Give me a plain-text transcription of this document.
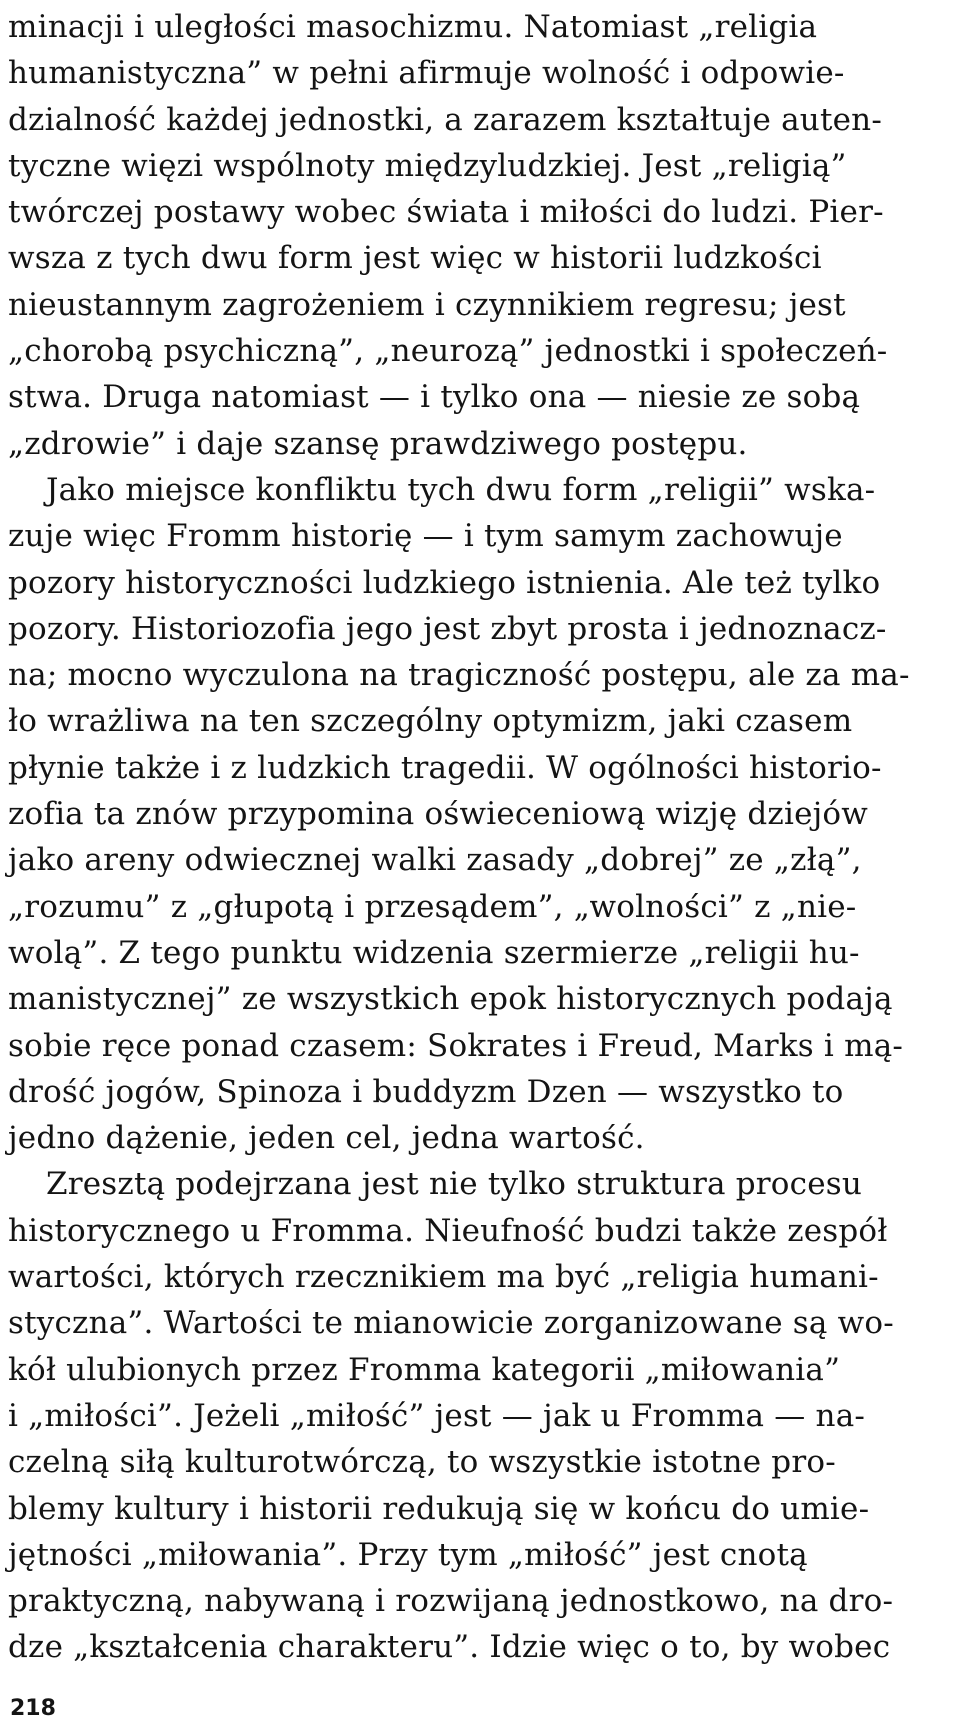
minacji i uległości masochizmu. Natomiast „religia
humanistyczna” w pełni afirmuje wolność i odpowie-
dzialność każdej jednostki, a zarazem kształtuje auten-
tyczne więzi wspólnoty międzyludzkiej. Jest „religią”
twórczej postawy wobec świata i miłości do ludzi. Pier-
wsza z tych dwu form jest więc w historii ludzkości
nieustannym zagrożeniem i czynnikiem regresu; jest
„chorobą psychiczną”, „neurozą” jednostki i społeczeń-
stwa. Druga natomiast — i tylko ona — niesie ze sobą
„zdrowie” i daje szansę prawdziwego postępu.
Jako miejsce konfliktu tych dwu form „religii” wska-
zuje więc Fromm historię — i tym samym zachowuje
pozory historyczności ludzkiego istnienia. Ale też tylko
pozory. Historiozofia jego jest zbyt prosta i jednoznacz-
na; mocno wyczulona na tragiczność postępu, ale za ma-
ło wrażliwa na ten szczególny optymizm, jaki czasem
płynie także i z ludzkich tragedii. W ogólności historio-
zofia ta znów przypomina oświeceniową wizję dziejów
jako areny odwiecznej walki zasady „dobrej” ze „złą”,
„rozumu” z „głupotą i przesądem”, „wolności” z „nie-
wolą”. Z tego punktu widzenia szermierze „religii hu-
manistycznej” ze wszystkich epok historycznych podają
sobie ręce ponad czasem: Sokrates i Freud, Marks i mą-
drość jogów, Spinoza i buddyzm Dzen — wszystko to
jedno dążenie, jeden cel, jedna wartość.
Zresztą podejrzana jest nie tylko struktura procesu
historycznego u Fromma. Nieufność budzi także zespół
wartości, których rzecznikiem ma być „religia humani-
styczna”. Wartości te mianowicie zorganizowane są wo-
kół ulubionych przez Fromma kategorii „miłowania”
i „miłości”. Jeżeli „miłość” jest — jak u Fromma — na-
czelną siłą kulturotwórczą, to wszystkie istotne pro-
blemy kultury i historii redukują się w końcu do umie-
jętności „miłowania”. Przy tym „miłość” jest cnotą
praktyczną, nabywaną i rozwijaną jednostkowo, na dro-
dze „kształcenia charakteru”. Idzie więc o to, by wobec
218
